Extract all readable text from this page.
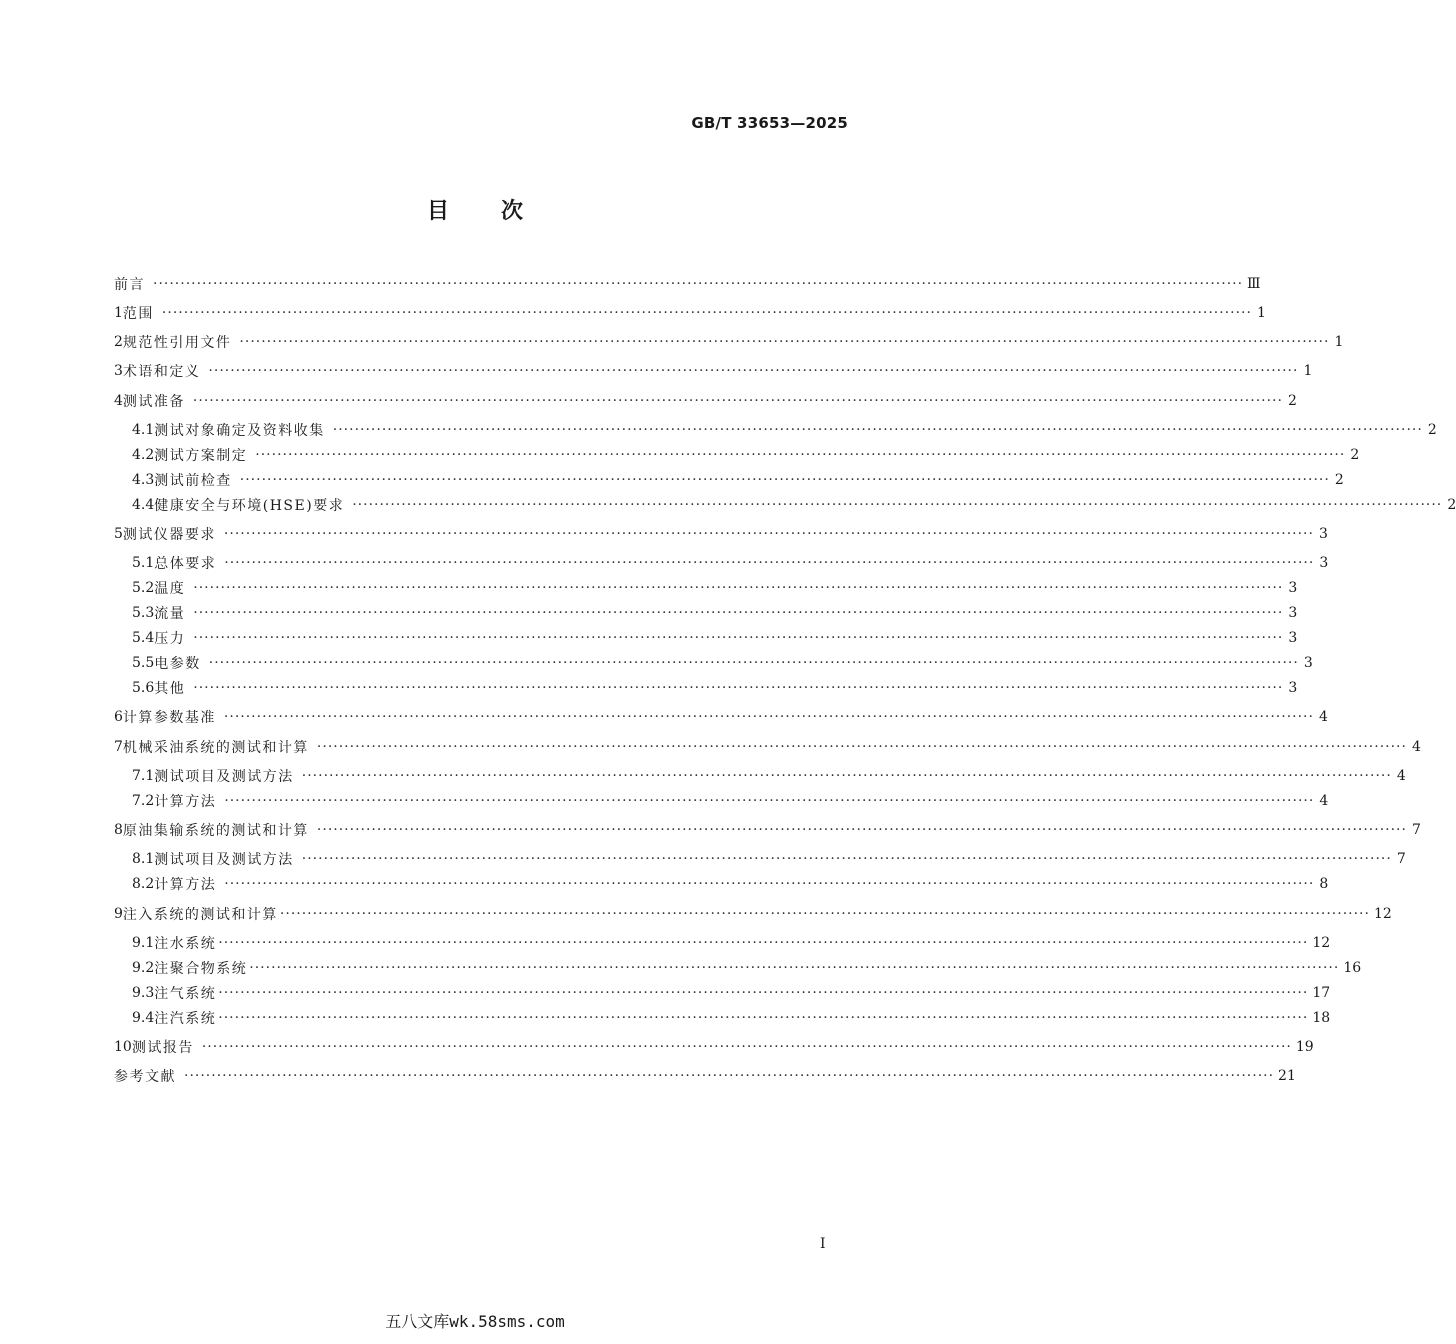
GB/T 33653—2025
目次
前言 ········································································································································································································ Ⅲ
1 范围 ········································································································································································································ 1
2 规范性引用文件 ········································································································································································································ 1
3 术语和定义 ········································································································································································································ 1
4 测试准备 ········································································································································································································ 2
4.1 测试对象确定及资料收集 ········································································································································································································ 2
4.2 测试方案制定 ········································································································································································································ 2
4.3 测试前检查 ········································································································································································································ 2
4.4 健康安全与环境(HSE)要求 ········································································································································································································ 2
5 测试仪器要求 ········································································································································································································ 3
5.1 总体要求 ········································································································································································································ 3
5.2 温度 ········································································································································································································ 3
5.3 流量 ········································································································································································································ 3
5.4 压力 ········································································································································································································ 3
5.5 电参数 ········································································································································································································ 3
5.6 其他 ········································································································································································································ 3
6 计算参数基准 ········································································································································································································ 4
7 机械采油系统的测试和计算 ········································································································································································································ 4
7.1 测试项目及测试方法 ········································································································································································································ 4
7.2 计算方法 ········································································································································································································ 4
8 原油集输系统的测试和计算 ········································································································································································································ 7
8.1 测试项目及测试方法 ········································································································································································································ 7
8.2 计算方法 ········································································································································································································ 8
9 注入系统的测试和计算 ········································································································································································································ 12
9.1 注水系统 ········································································································································································································ 12
9.2 注聚合物系统 ········································································································································································································ 16
9.3 注气系统 ········································································································································································································ 17
9.4 注汽系统 ········································································································································································································ 18
10 测试报告 ········································································································································································································ 19
参考文献 ········································································································································································································ 21
I
五八文库wk.58sms.com
